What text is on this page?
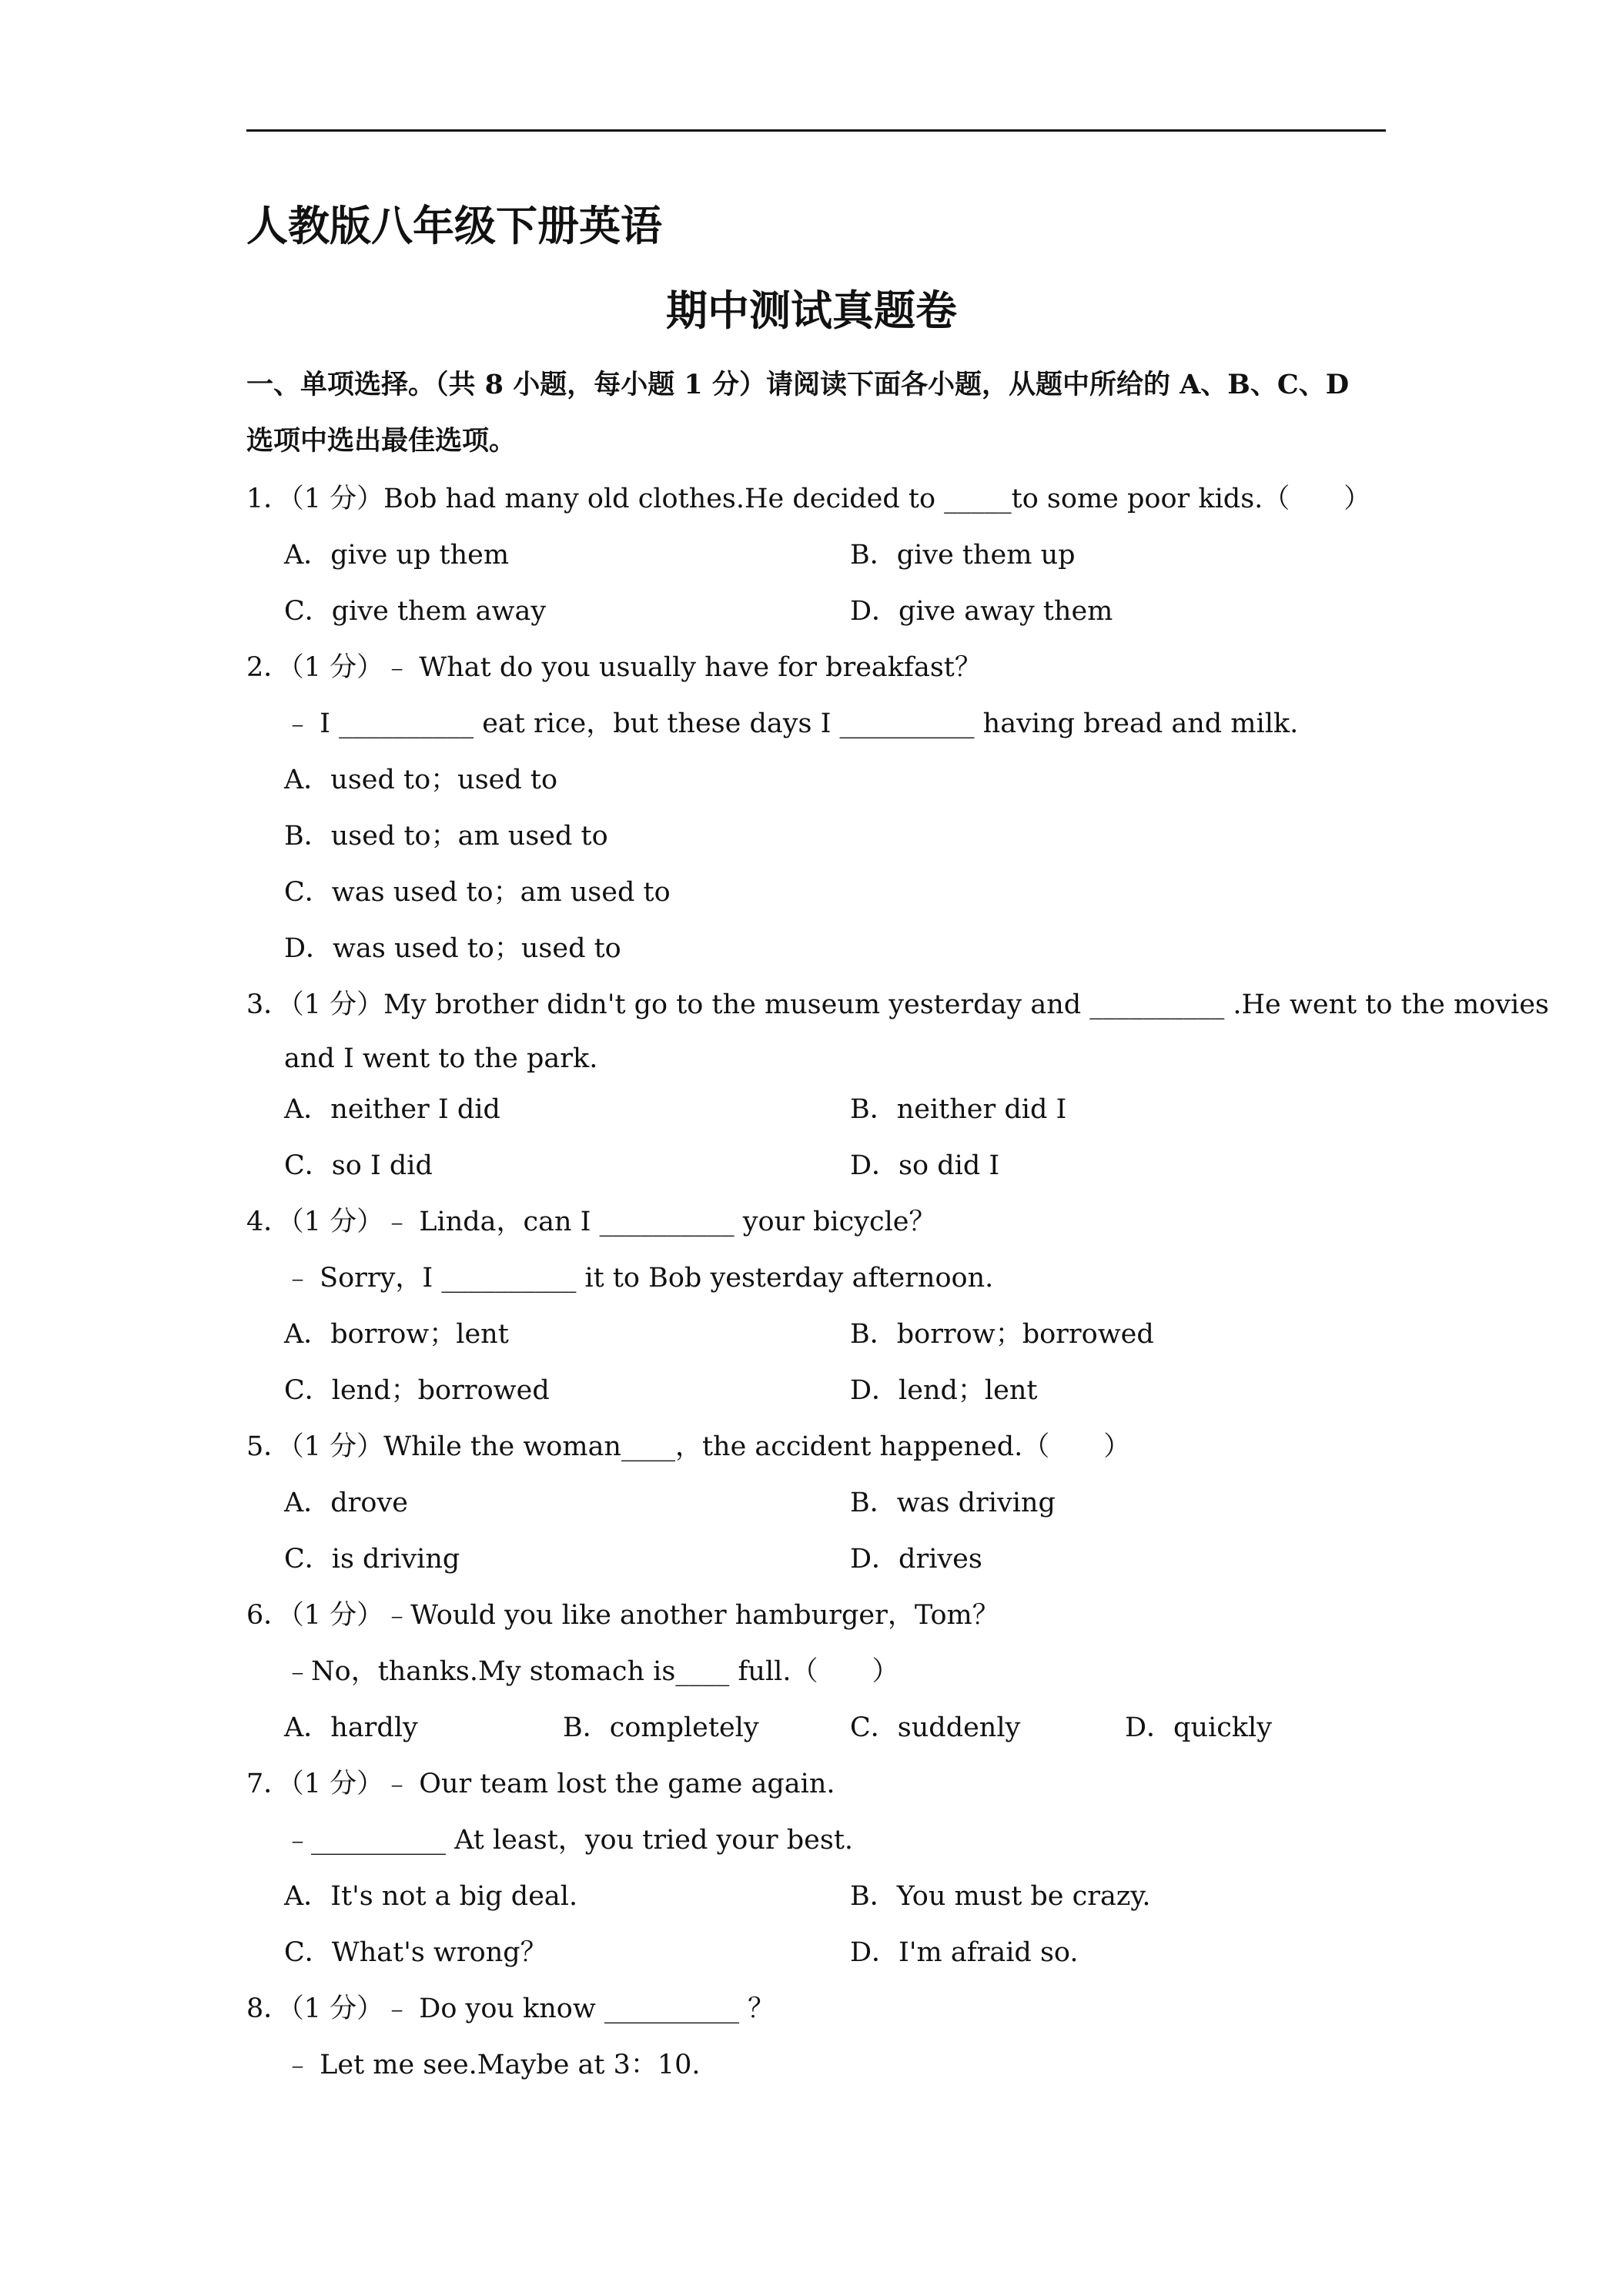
人教版八年级下册英语
期中测试真题卷
一、单项选择。（共 8 小题，每小题 1 分）请阅读下面各小题，从题中所给的 A、B、C、D
选项中选出最佳选项。
1．（1 分）Bob had many old clothes.He decided to _____to some poor kids.（　　）
A．give up them	B．give them up
C．give them away	D．give away them
2．（1 分）﹣ What do you usually have for breakfast？
﹣ I __________ eat rice，but these days I __________ having bread and milk.
A．used to；used to
B．used to；am used to
C．was used to；am used to
D．was used to；used to
3．（1 分）My brother didn't go to the museum yesterday and __________ .He went to the movies
and I went to the park.
A．neither I did	B．neither did I
C．so I did	D．so did I
4．（1 分）﹣ Linda，can I __________ your bicycle？
﹣ Sorry，I __________ it to Bob yesterday afternoon.
A．borrow；lent	B．borrow；borrowed
C．lend；borrowed	D．lend；lent
5．（1 分）While the woman____，the accident happened.（　　）
A．drove	B．was driving
C．is driving	D．drives
6．（1 分）﹣Would you like another hamburger，Tom？
﹣No，thanks.My stomach is____ full.（　　）
A．hardly	B．completely	C．suddenly	D．quickly
7．（1 分）﹣ Our team lost the game again.
﹣__________ At least，you tried your best.
A．It's not a big deal.	B．You must be crazy.
C．What's wrong？	D．I'm afraid so.
8．（1 分）﹣ Do you know __________ ？
﹣ Let me see.Maybe at 3：10.
